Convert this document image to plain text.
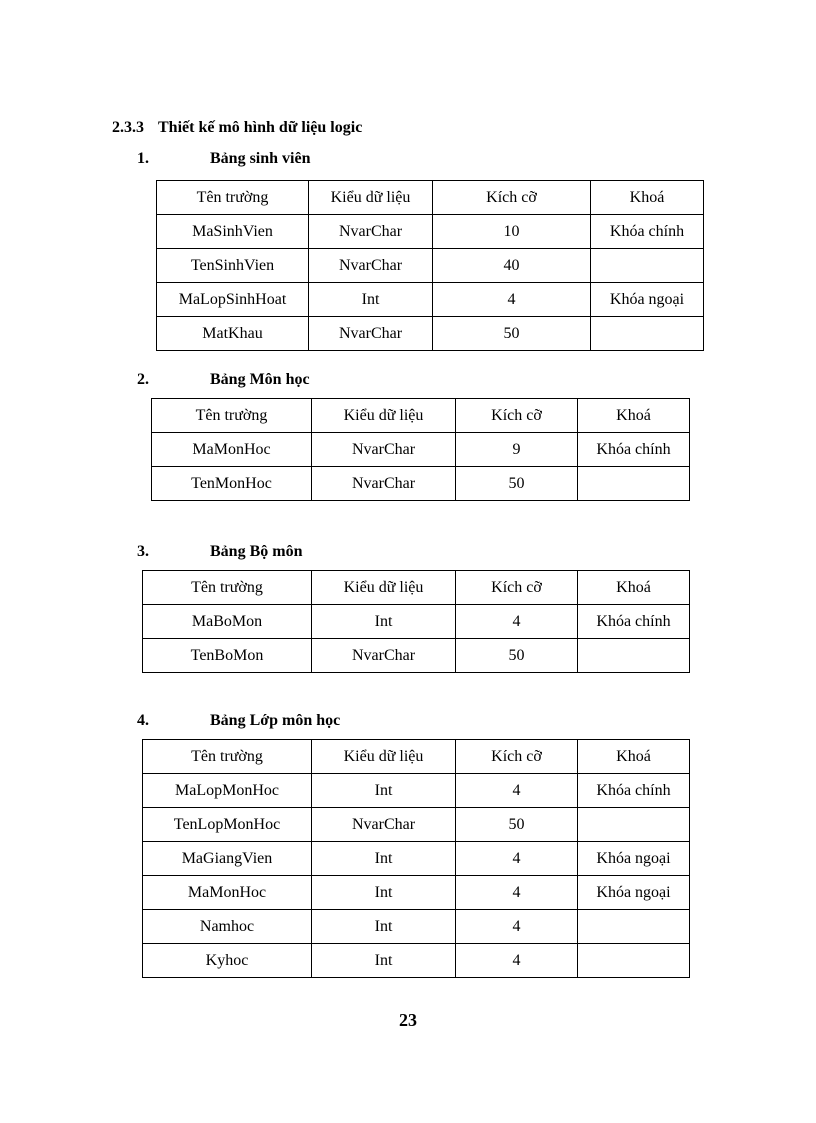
2.3.3 Thiết kế mô hình dữ liệu logic
1.	Bảng sinh viên
Tên trường	Kiểu dữ liệu	Kích cỡ	Khoá
MaSinhVien	NvarChar	10	Khóa chính
TenSinhVien	NvarChar	40	
MaLopSinhHoat	Int	4	Khóa ngoại
MatKhau	NvarChar	50	
2.	Bảng Môn học
Tên trường	Kiểu dữ liệu	Kích cỡ	Khoá
MaMonHoc	NvarChar	9	Khóa chính
TenMonHoc	NvarChar	50	
3.	Bảng Bộ môn
Tên trường	Kiểu dữ liệu	Kích cỡ	Khoá
MaBoMon	Int	4	Khóa chính
TenBoMon	NvarChar	50	
4.	Bảng Lớp môn học
Tên trường	Kiểu dữ liệu	Kích cỡ	Khoá
MaLopMonHoc	Int	4	Khóa chính
TenLopMonHoc	NvarChar	50	
MaGiangVien	Int	4	Khóa ngoại
MaMonHoc	Int	4	Khóa ngoại
Namhoc	Int	4	
Kyhoc	Int	4	
23
